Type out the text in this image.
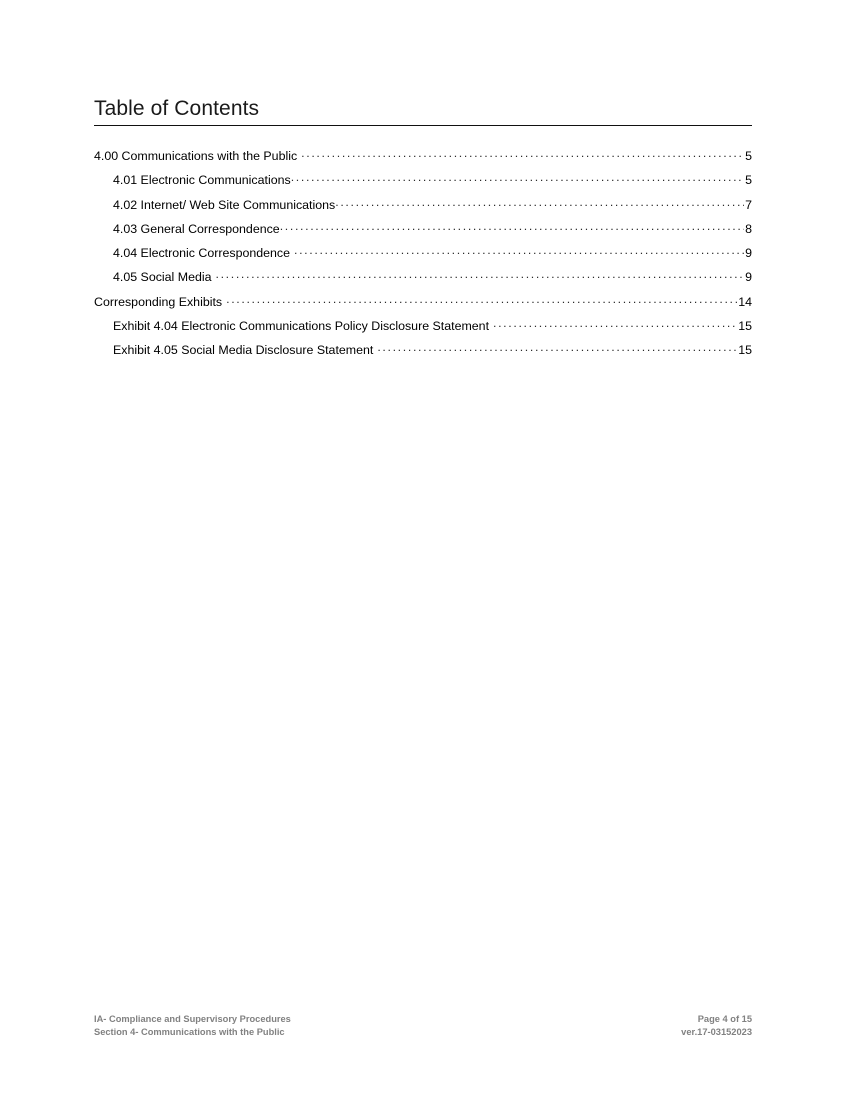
Table of Contents
4.00 Communications with the Public . . .	5
4.01 Electronic Communications . . .	5
4.02 Internet/ Web Site Communications . . .	7
4.03 General Correspondence . . .	8
4.04 Electronic Correspondence . . .	9
4.05 Social Media . . .	9
Corresponding Exhibits . . .	14
Exhibit 4.04 Electronic Communications Policy Disclosure Statement . . .	15
Exhibit 4.05 Social Media Disclosure Statement . . .	15
IA- Compliance and Supervisory Procedures
Section 4- Communications with the Public
Page 4 of 15
ver.17-03152023
